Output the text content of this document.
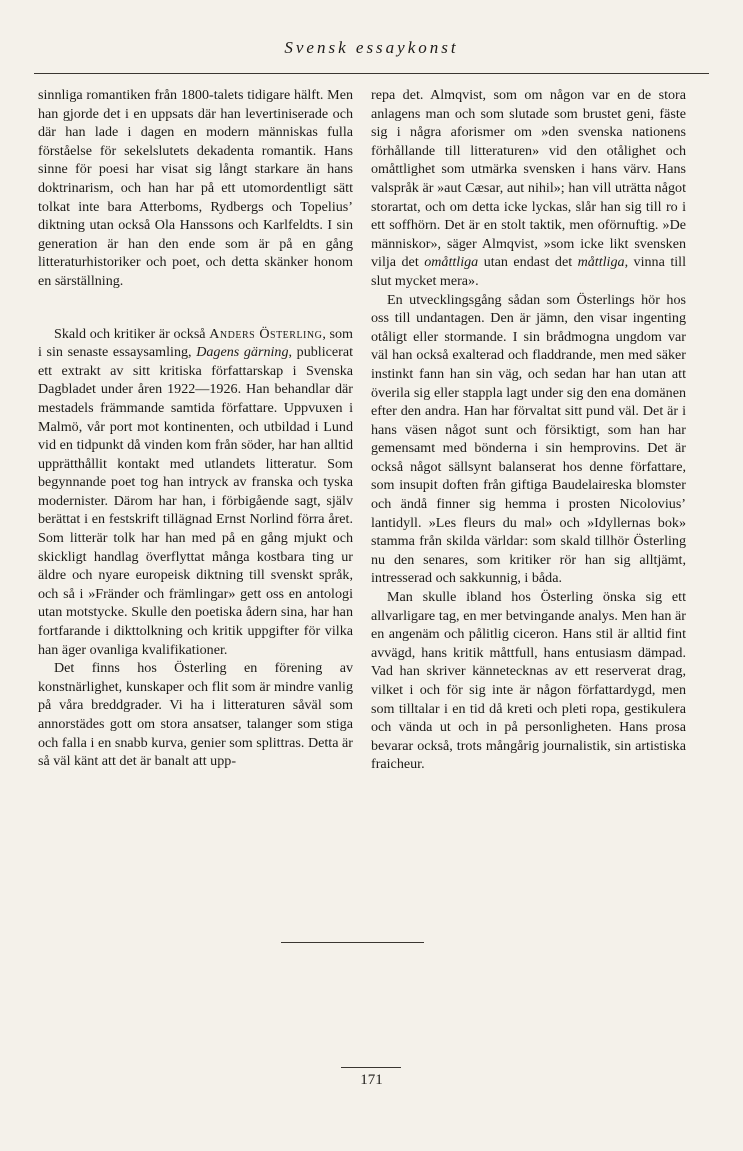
Svensk essaykonst

sinnliga romantiken från 1800-talets tidigare hälft. Men han gjorde det i en uppsats där han levertiniserade och där han lade i dagen en modern människas fulla förståelse för sekelslutets dekadenta romantik. Hans sinne för poesi har visat sig långt starkare än hans doktrinarism, och han har på ett utomordentligt sätt tolkat inte bara Atterboms, Rydbergs och Topelius’ diktning utan också Ola Hanssons och Karlfeldts. I sin generation är han den ende som är på en gång litteraturhistoriker och poet, och detta skänker honom en särställning.

Skald och kritiker är också Anders Österling, som i sin senaste essaysamling, Dagens gärning, publicerat ett extrakt av sitt kritiska författarskap i Svenska Dagbladet under åren 1922—1926. Han behandlar där mestadels främmande samtida författare. Uppvuxen i Malmö, vår port mot kontinenten, och utbildad i Lund vid en tidpunkt då vinden kom från söder, har han alltid upprätthållit kontakt med utlandets litteratur. Som begynnande poet tog han intryck av franska och tyska modernister. Därom har han, i förbigående sagt, själv berättat i en festskrift tillägnad Ernst Norlind förra året. Som litterär tolk har han med på en gång mjukt och skickligt handlag överflyttat många kostbara ting ur äldre och nyare europeisk diktning till svenskt språk, och så i »Fränder och främlingar» gett oss en antologi utan motstycke. Skulle den poetiska ådern sina, har han fortfarande i dikttolkning och kritik uppgifter för vilka han äger ovanliga kvalifikationer.

Det finns hos Österling en förening av konstnärlighet, kunskaper och flit som är mindre vanlig på våra breddgrader. Vi ha i litteraturen såväl som annorstädes gott om stora ansatser, talanger som stiga och falla i en snabb kurva, genier som splittras. Detta är så väl känt att det är banalt att upp-

repa det. Almqvist, som om någon var en de stora anlagens man och som slutade som brustet geni, fäste sig i några aforismer om »den svenska nationens förhållande till litteraturen» vid den otålighet och omåttlighet som utmärka svensken i hans värv. Hans valspråk är »aut Cæsar, aut nihil»; han vill uträtta något storartat, och om detta icke lyckas, slår han sig till ro i ett soffhörn. Det är en stolt taktik, men oförnuftig. »De människor», säger Almqvist, »som icke likt svensken vilja det omåttliga utan endast det måttliga, vinna till slut mycket mera».

En utvecklingsgång sådan som Österlings hör hos oss till undantagen. Den är jämn, den visar ingenting otåligt eller stormande. I sin brådmogna ungdom var väl han också exalterad och fladdrande, men med säker instinkt fann han sin väg, och sedan har han utan att överila sig eller stappla lagt under sig den ena domänen efter den andra. Han har förvaltat sitt pund väl. Det är i hans väsen något sunt och försiktigt, som han har gemensamt med bönderna i sin hemprovins. Det är också något sällsynt balanserat hos denne författare, som insupit doften från giftiga Baudelaireska blomster och ändå finner sig hemma i prosten Nicolovius’ lantidyll. »Les fleurs du mal» och »Idyllernas bok» stamma från skilda världar: som skald tillhör Österling nu den senares, som kritiker rör han sig alltjämt, intresserad och sakkunnig, i båda.

Man skulle ibland hos Österling önska sig ett allvarligare tag, en mer betvingande analys. Men han är en angenäm och pålitlig ciceron. Hans stil är alltid fint avvägd, hans kritik måttfull, hans entusiasm dämpad. Vad han skriver kännetecknas av ett reserverat drag, vilket i och för sig inte är någon författardygd, men som tilltalar i en tid då kreti och pleti ropa, gestikulera och vända ut och in på personligheten. Hans prosa bevarar också, trots mångårig journalistik, sin artistiska fraicheur.

171
